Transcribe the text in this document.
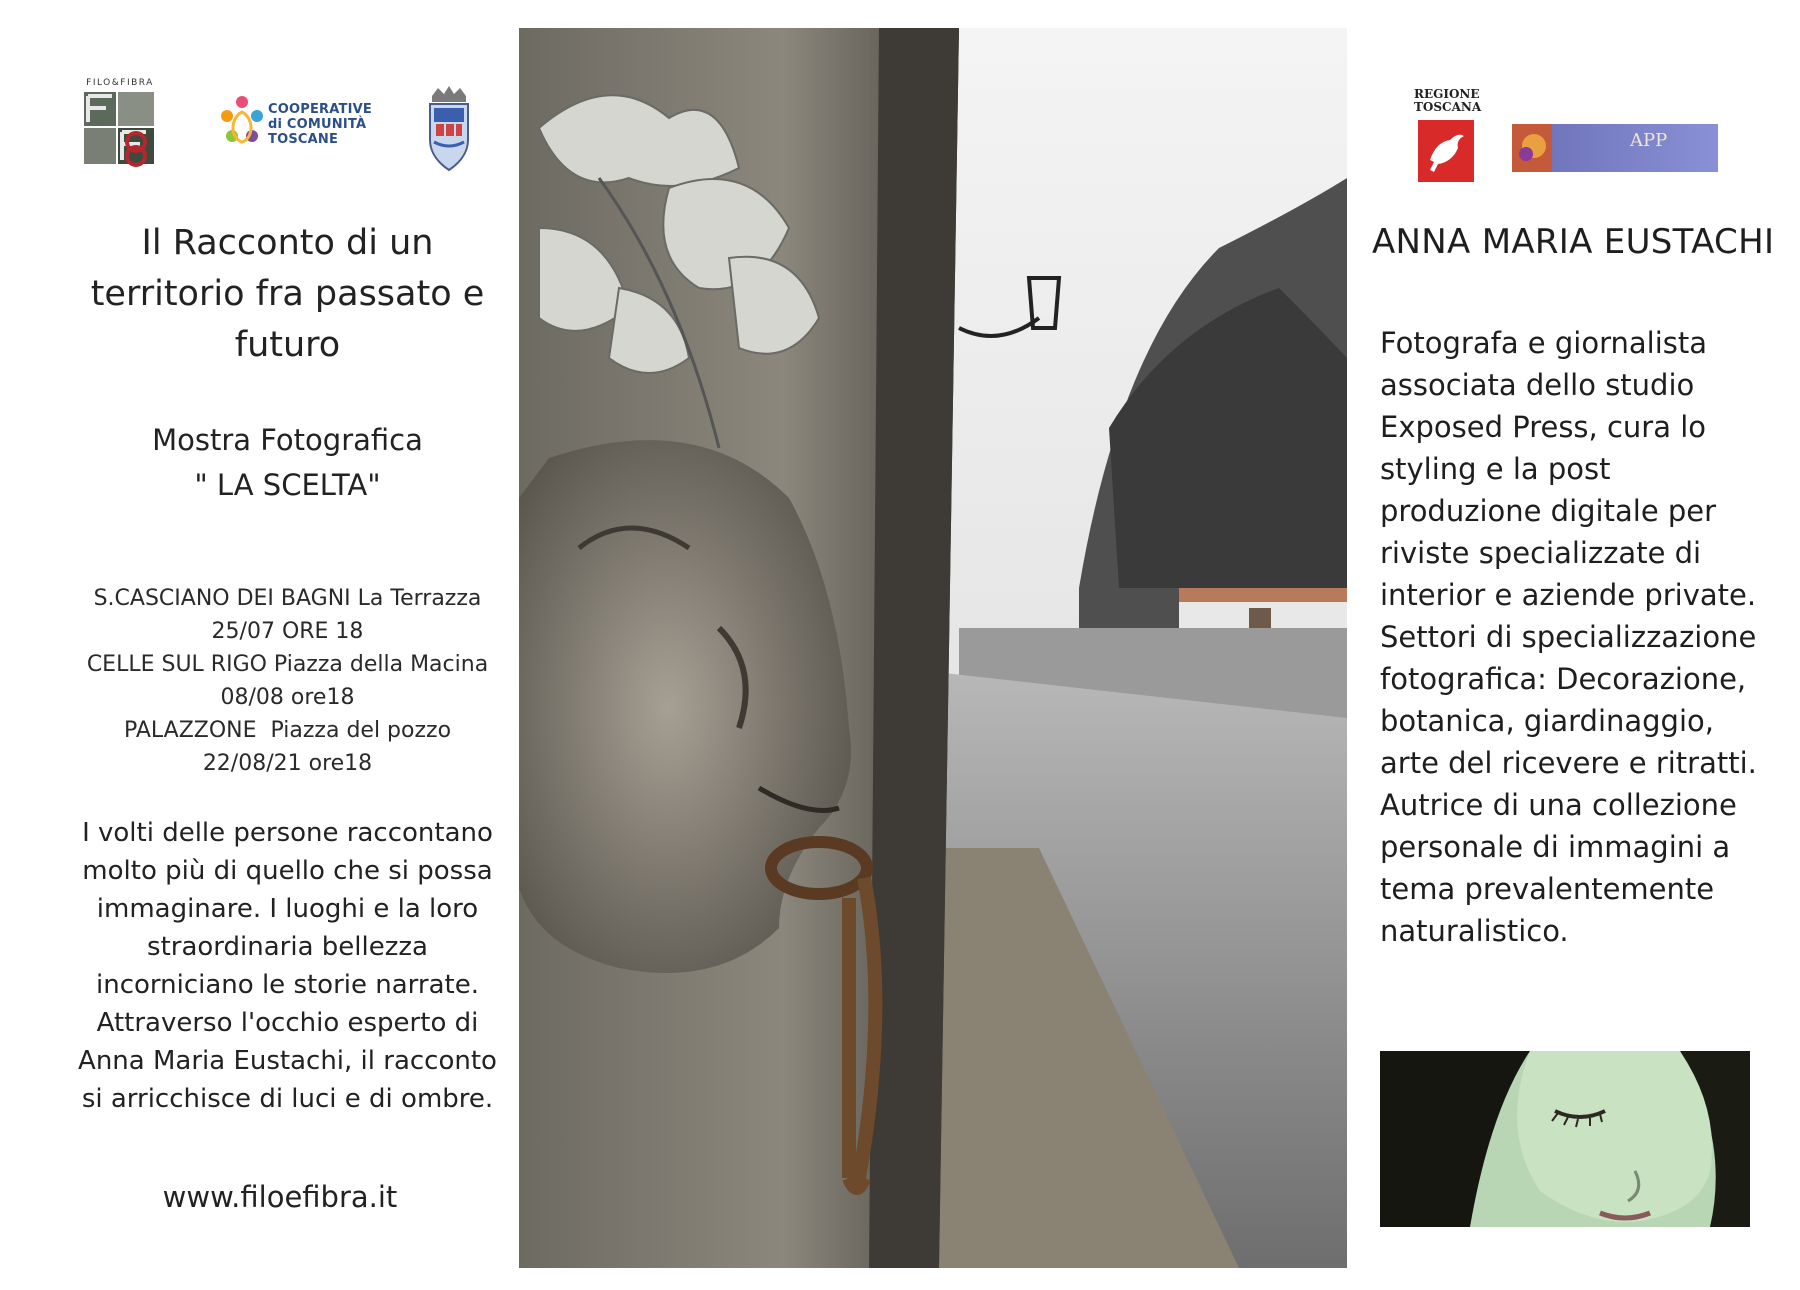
FILO&FIBRA
COOPERATIVE
di COMUNITÀ
TOSCANE
Il Racconto di un
territorio fra passato e
futuro
Mostra Fotografica
" LA SCELTA"
S.CASCIANO DEI BAGNI La Terrazza
25/07 ORE 18
CELLE SUL RIGO Piazza della Macina
08/08 ore18
PALAZZONE  Piazza del pozzo
22/08/21 ore18
I volti delle persone raccontano
molto più di quello che si possa
immaginare. I luoghi e la loro
straordinaria bellezza
incorniciano le storie narrate.
Attraverso l'occhio esperto di
Anna Maria Eustachi, il racconto
si arricchisce di luci e di ombre.
www.filoefibra.it
REGIONE
TOSCANA
APP
ANNA MARIA EUSTACHI
Fotografa e giornalista
associata dello studio
Exposed Press, cura lo
styling e la post
produzione digitale per
riviste specializzate di
interior e aziende private.
Settori di specializzazione
fotografica: Decorazione,
botanica, giardinaggio,
arte del ricevere e ritratti.
Autrice di una collezione
personale di immagini a
tema prevalentemente
naturalistico.
